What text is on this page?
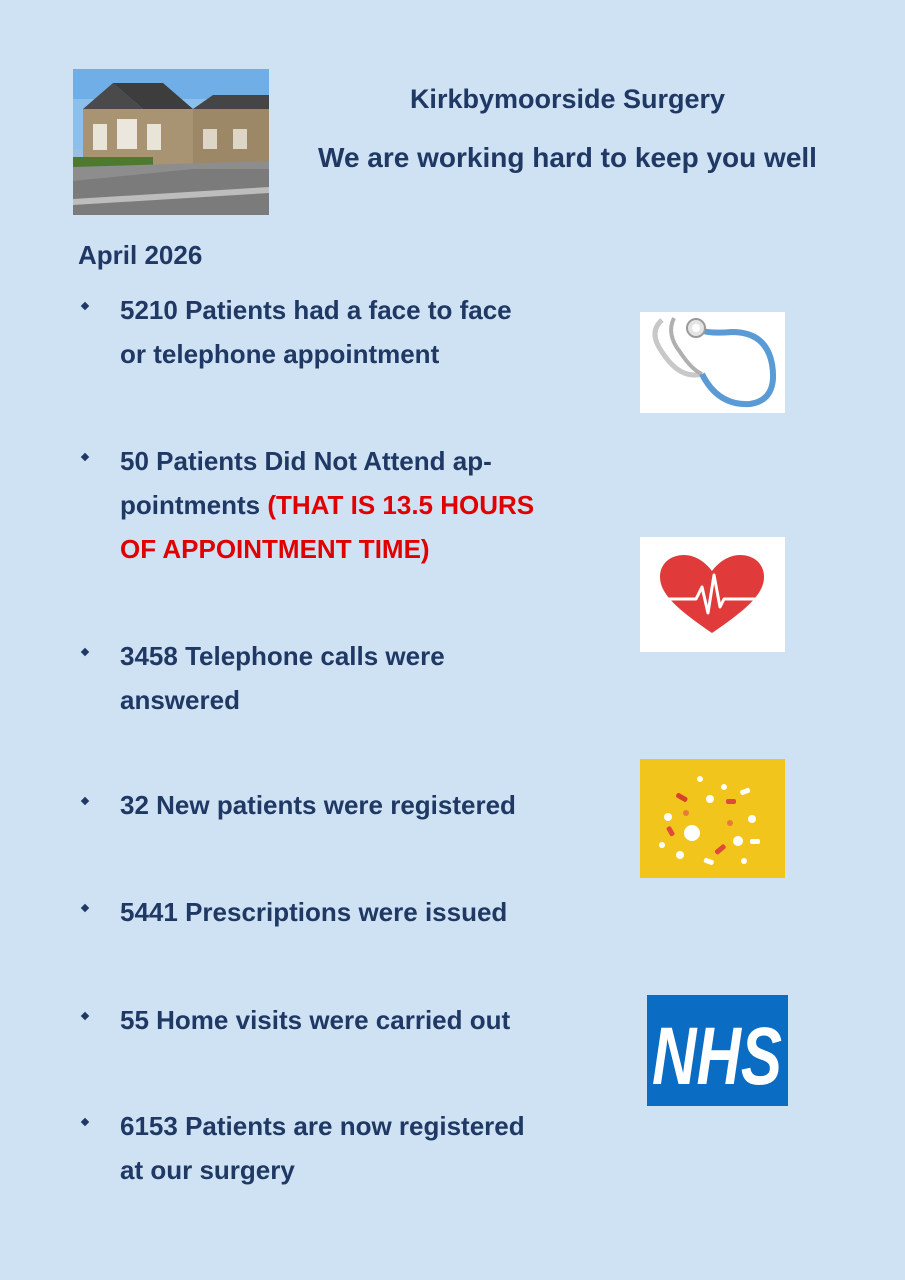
Kirkbymoorside Surgery
We are working hard to keep you well
April 2026
5210 Patients had a face to face
or telephone appointment
50 Patients Did Not Attend ap-
pointments (THAT IS 13.5 HOURS
OF APPOINTMENT TIME)
3458 Telephone calls were
answered
32 New patients were registered
5441 Prescriptions were issued
55 Home visits were carried out
6153 Patients are now registered
at our surgery
NHS
